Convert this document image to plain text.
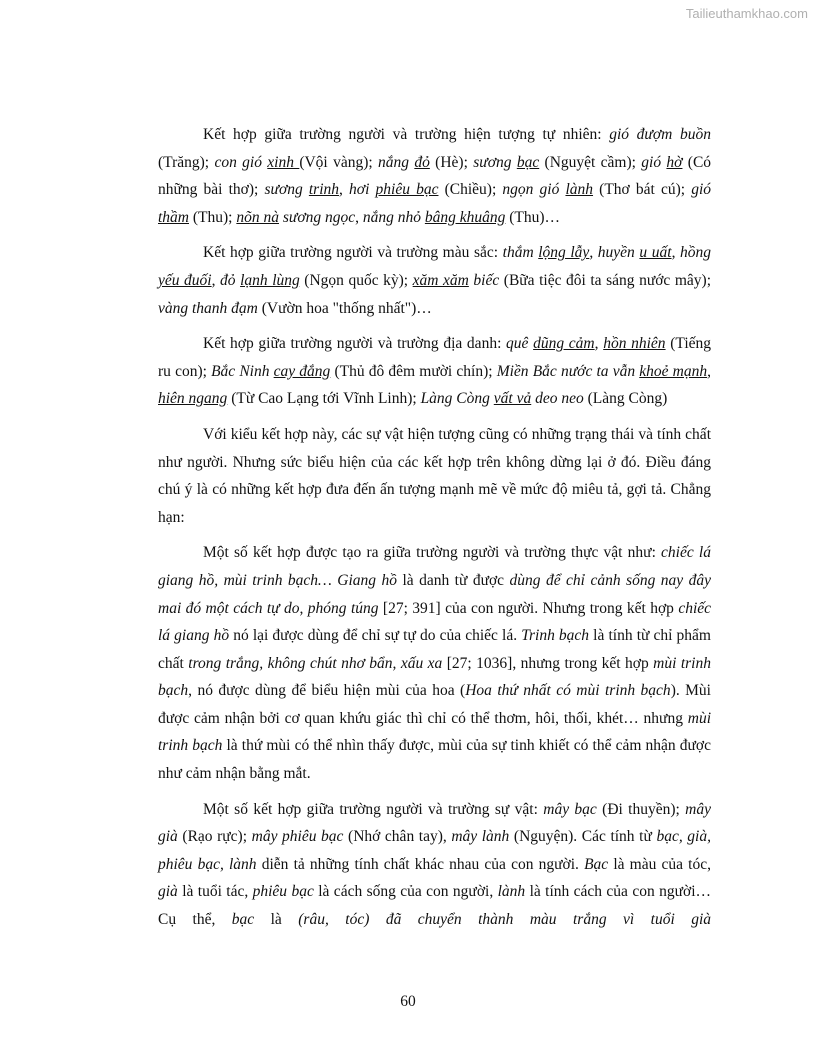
Tailieuthamkhao.com

Kết hợp giữa trường người và trường hiện tượng tự nhiên: gió đượm buồn (Trăng); con gió xinh (Vội vàng); nắng đỏ (Hè); sương bạc (Nguyệt cầm); gió hờ (Có những bài thơ); sương trinh, hơi phiêu bạc (Chiều); ngọn gió lành (Thơ bát cú); gió thầm (Thu); nõn nà sương ngọc, nắng nhỏ bâng khuâng (Thu)…

Kết hợp giữa trường người và trường màu sắc: thắm lộng lẫy, huyền u uất, hồng yếu đuối, đỏ lạnh lùng (Ngọn quốc kỳ); xăm xăm biếc (Bữa tiệc đôi ta sáng nước mây); vàng thanh đạm (Vườn hoa "thống nhất")…

Kết hợp giữa trường người và trường địa danh: quê dũng cảm, hồn nhiên (Tiếng ru con); Bắc Ninh cay đắng (Thủ đô đêm mười chín); Miền Bắc nước ta vẫn khoẻ mạnh, hiên ngang (Từ Cao Lạng tới Vĩnh Linh); Làng Còng vất vả deo neo (Làng Còng)

Với kiểu kết hợp này, các sự vật hiện tượng cũng có những trạng thái và tính chất như người. Nhưng sức biểu hiện của các kết hợp trên không dừng lại ở đó. Điều đáng chú ý là có những kết hợp đưa đến ấn tượng mạnh mẽ về mức độ miêu tả, gợi tả. Chẳng hạn:

Một số kết hợp được tạo ra giữa trường người và trường thực vật như: chiếc lá giang hồ, mùi trinh bạch… Giang hồ là danh từ được dùng để chỉ cảnh sống nay đây mai đó một cách tự do, phóng túng [27; 391] của con người. Nhưng trong kết hợp chiếc lá giang hồ nó lại được dùng để chỉ sự tự do của chiếc lá. Trinh bạch là tính từ chỉ phẩm chất trong trắng, không chút nhơ bẩn, xấu xa [27; 1036], nhưng trong kết hợp mùi trinh bạch, nó được dùng để biểu hiện mùi của hoa (Hoa thứ nhất có mùi trinh bạch). Mùi được cảm nhận bởi cơ quan khứu giác thì chỉ có thể thơm, hôi, thối, khét… nhưng mùi trinh bạch là thứ mùi có thể nhìn thấy được, mùi của sự tinh khiết có thể cảm nhận được như cảm nhận bằng mắt.

Một số kết hợp giữa trường người và trường sự vật: mây bạc (Đi thuyền); mây già (Rạo rực); mây phiêu bạc (Nhớ chân tay), mây lành (Nguyện). Các tính từ bạc, già, phiêu bạc, lành diễn tả những tính chất khác nhau của con người. Bạc là màu của tóc, già là tuổi tác, phiêu bạc là cách sống của con người, lành là tính cách của con người… Cụ thể, bạc là (râu, tóc) đã chuyển thành màu trắng vì tuổi già

60
